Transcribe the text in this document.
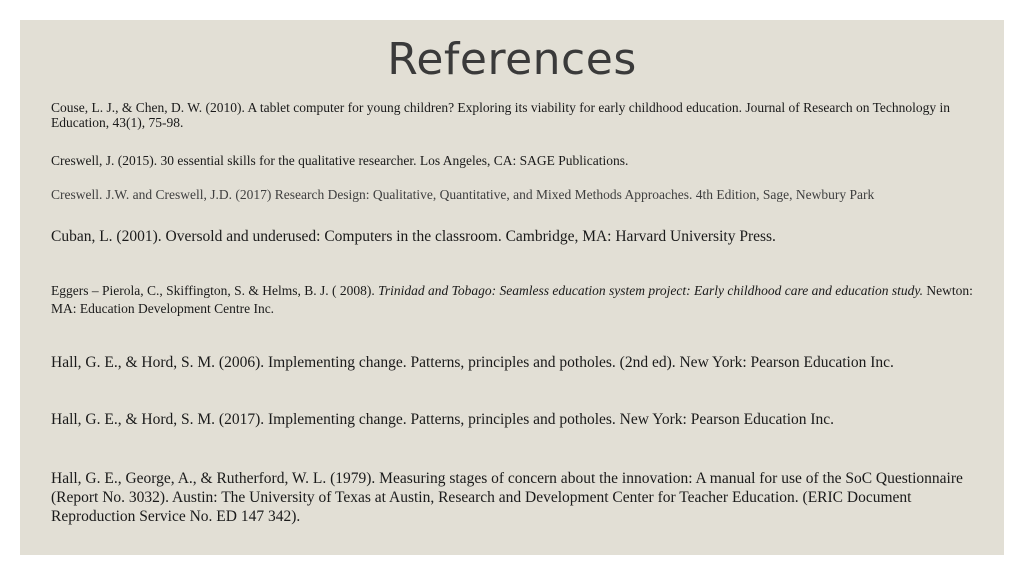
References

Couse, L. J., & Chen, D. W. (2010). A tablet computer for young children? Exploring its viability for early childhood education. Journal of Research on Technology in Education, 43(1), 75-98.

Creswell, J. (2015). 30 essential skills for the qualitative researcher. Los Angeles, CA: SAGE Publications.

Creswell. J.W. and Creswell, J.D. (2017) Research Design: Qualitative, Quantitative, and Mixed Methods Approaches. 4th Edition, Sage, Newbury Park

Cuban, L. (2001). Oversold and underused: Computers in the classroom. Cambridge, MA: Harvard University Press.

Eggers – Pierola, C., Skiffington, S. & Helms, B. J. ( 2008). Trinidad and Tobago: Seamless education system project: Early childhood care and education study. Newton: MA: Education Development Centre Inc.

Hall, G. E., & Hord, S. M. (2006). Implementing change. Patterns, principles and potholes. (2nd ed). New York: Pearson Education Inc.

Hall, G. E., & Hord, S. M. (2017). Implementing change. Patterns, principles and potholes. New York: Pearson Education Inc.

Hall, G. E., George, A., & Rutherford, W. L. (1979). Measuring stages of concern about the innovation: A manual for use of the SoC Questionnaire (Report No. 3032). Austin: The University of Texas at Austin, Research and Development Center for Teacher Education. (ERIC Document Reproduction Service No. ED 147 342).
